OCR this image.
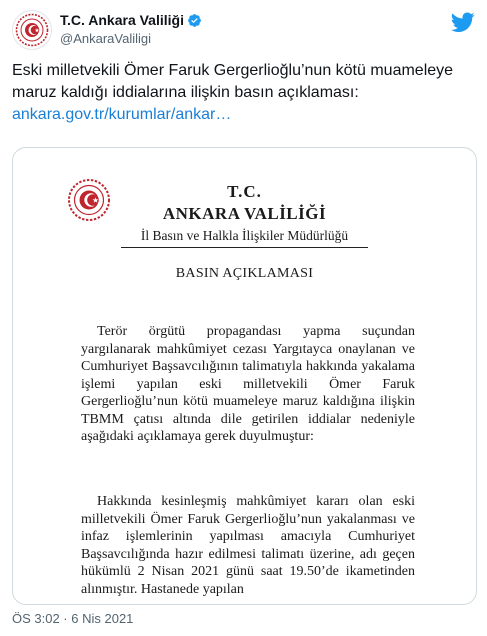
T.C. Ankara Valiliği
@AnkaraValiligi
Eski milletvekili Ömer Faruk Gergerlioğlu’nun kötü muameleye maruz kaldığı iddialarına ilişkin basın açıklaması:
ankara.gov.tr/kurumlar/ankar…
T.C.
ANKARA VALİLİĞİ
İl Basın ve Halkla İlişkiler Müdürlüğü
BASIN AÇIKLAMASI

Terör örgütü propagandası yapma suçundan yargılanarak mahkûmiyet cezası Yargıtayca onaylanan ve Cumhuriyet Başsavcılığının talimatıyla hakkında yakalama işlemi yapılan eski milletvekili Ömer Faruk Gergerlioğlu’nun kötü muameleye maruz kaldığına ilişkin TBMM çatısı altında dile getirilen iddialar nedeniyle aşağıdaki açıklamaya gerek duyulmuştur:

Hakkında kesinleşmiş mahkûmiyet kararı olan eski milletvekili Ömer Faruk Gergerlioğlu’nun yakalanması ve infaz işlemlerinin yapılması amacıyla Cumhuriyet Başsavcılığında hazır edilmesi talimatı üzerine, adı geçen hükümlü 2 Nisan 2021 günü saat 19.50’de ikametinden alınmıştır. Hastanede yapılan

ÖS 3:02 · 6 Nis 2021
